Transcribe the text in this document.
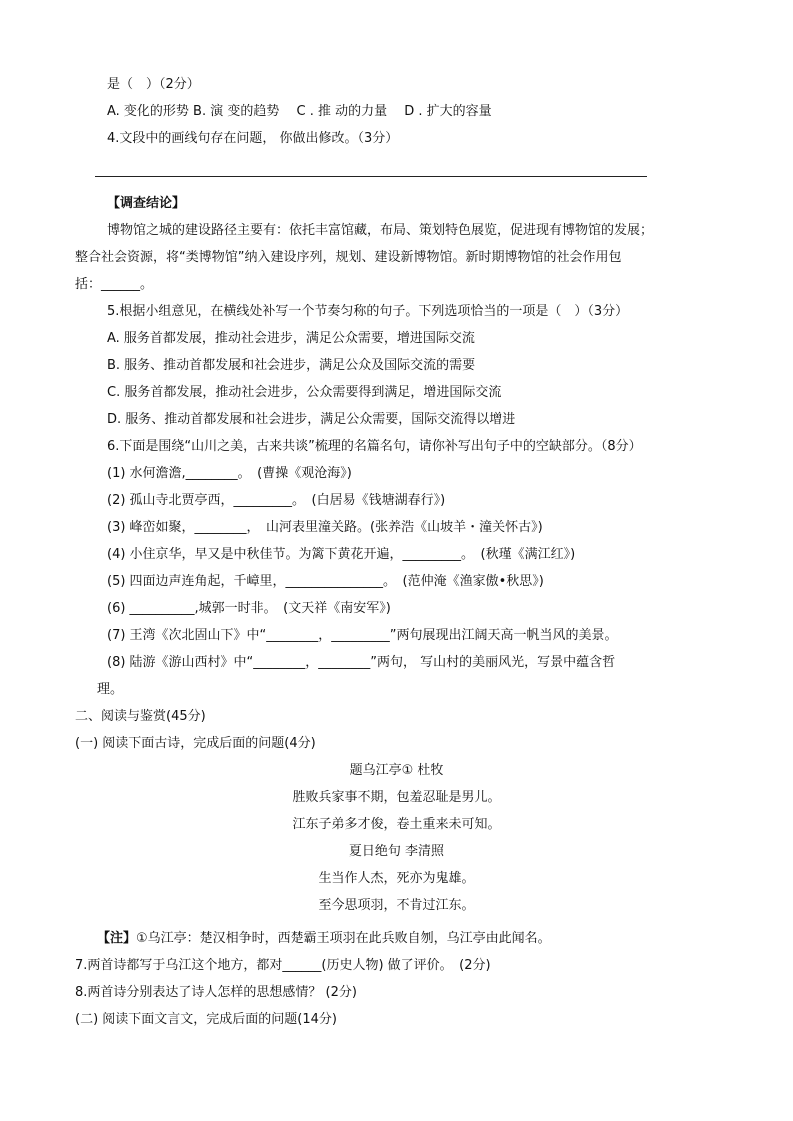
是（　）（2分）
A. 变化的形势 B. 演 变的趋势　 C . 推 动的力量　 D . 扩大的容量
4.文段中的画线句存在问题， 你做出修改。（3分）
【调查结论】
博物馆之城的建设路径主要有：依托丰富馆藏，布局、策划特色展览，促进现有博物馆的发展；
整合社会资源，将“类博物馆”纳入建设序列，规划、建设新博物馆。新时期博物馆的社会作用包
括：______。
5.根据小组意见，在横线处补写一个节奏匀称的句子。下列选项恰当的一项是（　）（3分）
A. 服务首都发展，推动社会进步，满足公众需要，增进国际交流
B. 服务、推动首都发展和社会进步，满足公众及国际交流的需要
C. 服务首都发展，推动社会进步，公众需要得到满足，增进国际交流
D. 服务、推动首都发展和社会进步，满足公众需要，国际交流得以增进
6.下面是围绕“山川之美，古来共谈”梳理的名篇名句，请你补写出句子中的空缺部分。（8分）
(1) 水何澹澹,________。　(曹操《观沧海》)
(2) 孤山寺北贾亭西，_________。　(白居易《钱塘湖春行》)
(3) 峰峦如聚，________，　山河表里潼关路。(张养浩《山坡羊・潼关怀古》)
(4) 小住京华，早又是中秋佳节。为篱下黄花开遍，_________。　(秋瑾《满江红》)
(5) 四面边声连角起，千嶂里，_______________。　(范仲淹《渔家傲•秋思》)
(6) __________,城郭一时非。　(文天祥《南安军》)
(7) 王湾《次北固山下》中“________，_________”两句展现出江阔天高一帆当风的美景。
(8) 陆游《游山西村》中“________，________”两句， 写山村的美丽风光，写景中蕴含哲
理。
二、阅读与鉴赏(45分)
(一) 阅读下面古诗，完成后面的问题(4分)
题乌江亭① 杜牧
胜败兵家事不期，包羞忍耻是男儿。
江东子弟多才俊，卷土重来未可知。
夏日绝句 李清照
生当作人杰，死亦为鬼雄。
至今思项羽，不肯过江东。
【注】①乌江亭：楚汉相争时，西楚霸王项羽在此兵败自刎，乌江亭由此闻名。
7.两首诗都写于乌江这个地方，都对______(历史人物) 做了评价。　(2分)
8.两首诗分别表达了诗人怎样的思想感情？ (2分)
(二) 阅读下面文言文，完成后面的问题(14分)
